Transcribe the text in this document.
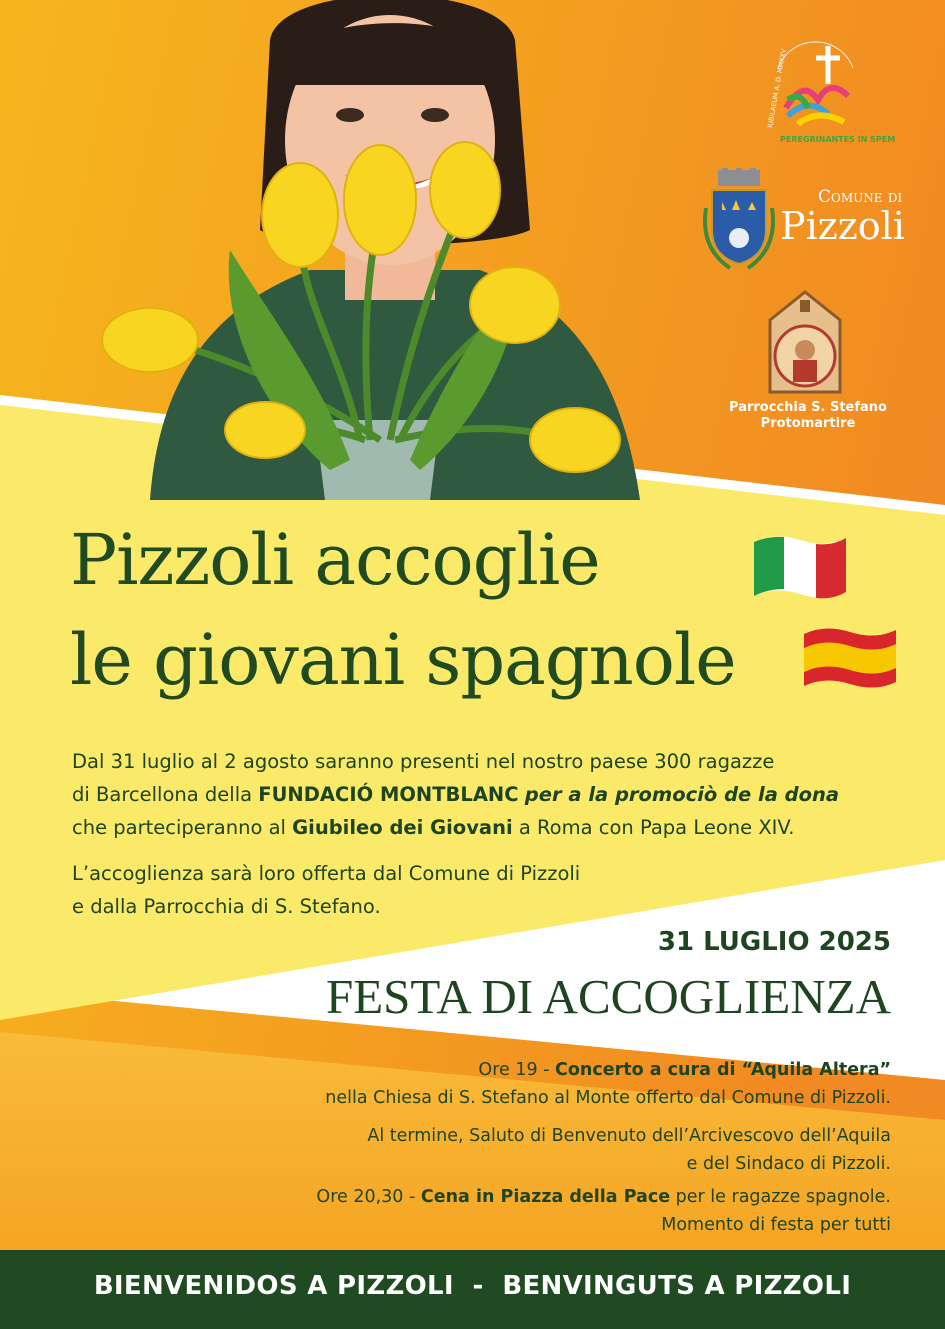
IUBILAEUM A. D. MMXXV
PEREGRINANTES IN SPEM
Comune di
Pizzoli
Parrocchia S. Stefano
Protomartire
Pizzoli accoglie
le giovani spagnole
Dal 31 luglio al 2 agosto saranno presenti nel nostro paese 300 ragazze
di Barcellona della FUNDACIÓ MONTBLANC per a la promociò de la dona
che parteciperanno al Giubileo dei Giovani a Roma con Papa Leone XIV.
L’accoglienza sarà loro offerta dal Comune di Pizzoli
e dalla Parrocchia di S. Stefano.
31 LUGLIO 2025
FESTA DI ACCOGLIENZA
Ore 19 - Concerto a cura di “Aquila Altera”
nella Chiesa di S. Stefano al Monte offerto dal Comune di Pizzoli.
Al termine, Saluto di Benvenuto dell’Arcivescovo dell’Aquila
e del Sindaco di Pizzoli.
Ore 20,30 - Cena in Piazza della Pace per le ragazze spagnole.
Momento di festa per tutti
BIENVENIDOS A PIZZOLI  -  BENVINGUTS A PIZZOLI
